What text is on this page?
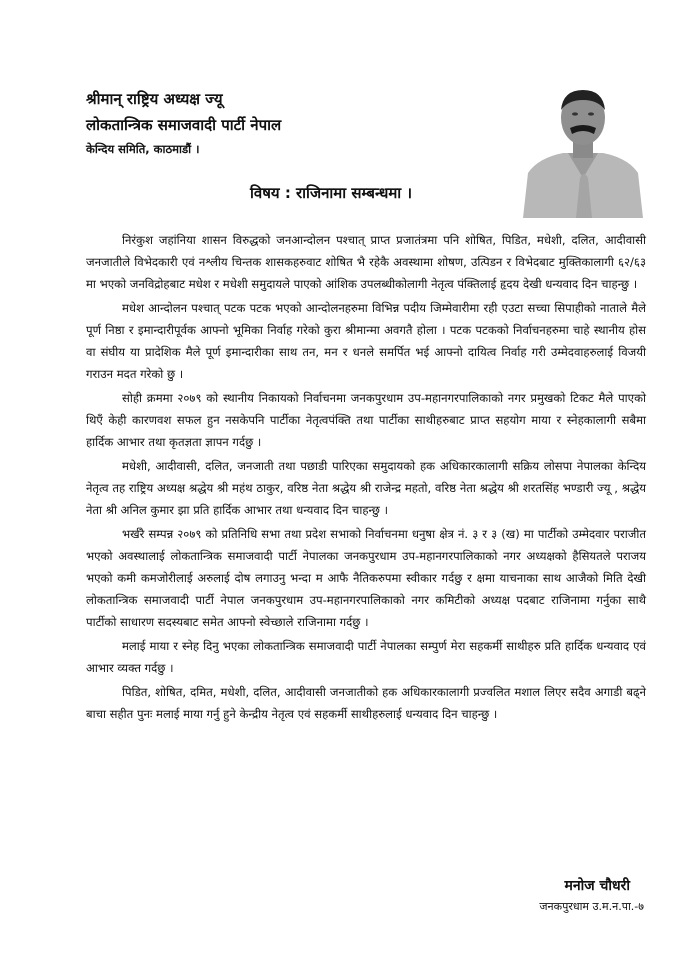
श्रीमान् राष्ट्रिय अध्यक्ष ज्यू
लोकतान्त्रिक समाजवादी पार्टी नेपाल
केन्दिय समिति, काठमाडौं ।
विषय : राजिनामा सम्बन्धमा ।

निरंकुश जहांनिया शासन विरुद्धको जनआन्दोलन पश्चात् प्राप्त प्रजातंत्रमा पनि शोषित, पिडित, मधेशी, दलित, आदीवासी जनजातीले विभेदकारी एवं नश्लीय चिन्तक शासकहरुवाट शोषित भै रहेकै अवस्थामा शोषण, उत्पिडन र विभेदबाट मुक्तिकालागी ६२/६३ मा भएको जनविद्रोहबाट मधेश र मधेशी समुदायले पाएको आंशिक उपलब्धीकोलागी नेतृत्व पंक्तिलाई हृदय देखी धन्यवाद दिन चाहन्छु ।

मधेश आन्दोलन पश्चात् पटक पटक भएको आन्दोलनहरुमा विभिन्न पदीय जिम्मेवारीमा रही एउटा सच्चा सिपाहीको नाताले मैले पूर्ण निष्ठा र इमान्दारीपूर्वक आफ्नो भूमिका निर्वाह गरेको कुरा श्रीमान्मा अवगतै होला । पटक पटकको निर्वाचनहरुमा चाहे स्थानीय होस वा संघीय या प्रादेशिक मैले पूर्ण इमान्दारीका साथ तन, मन र धनले समर्पित भई आफ्नो दायित्व निर्वाह गरी उम्मेदवाहरुलाई विजयी गराउन मदत गरेको छु ।

सोही क्रममा २०७९ को स्थानीय निकायको निर्वाचनमा जनकपुरधाम उप-महानगरपालिकाको नगर प्रमुखको टिकट मैले पाएको थिएँ केही कारणवश सफल हुन नसकेपनि पार्टीका नेतृत्वपंक्ति तथा पार्टीका साथीहरुबाट प्राप्त सहयोग माया र स्नेहकालागी सबैमा हार्दिक आभार तथा कृतज्ञता ज्ञापन गर्दछु ।

मधेशी, आदीवासी, दलित, जनजाती तथा पछाडी पारिएका समुदायको हक अधिकारकालागी सक्रिय लोसपा नेपालका केन्दिय नेतृत्व तह राष्ट्रिय अध्यक्ष श्रद्धेय श्री महंथ ठाकुर, वरिष्ठ नेता श्रद्धेय श्री राजेन्द्र महतो, वरिष्ठ नेता श्रद्धेय श्री शरतसिंह भण्डारी ज्यू , श्रद्धेय नेता श्री अनिल कुमार झा प्रति हार्दिक आभार तथा धन्यवाद दिन चाहन्छु ।

भर्खरै सम्पन्न २०७९ को प्रतिनिधि सभा तथा प्रदेश सभाको निर्वाचनमा धनुषा क्षेत्र नं. ३ र ३ (ख) मा पार्टीको उम्मेदवार पराजीत भएको अवस्थालाई लोकतान्त्रिक समाजवादी पार्टी नेपालका जनकपुरधाम उप-महानगरपालिकाको नगर अध्यक्षको हैसियतले पराजय भएको कमी कमजोरीलाई अरुलाई दोष लगाउनु भन्दा म आफै नैतिकरुपमा स्वीकार गर्दछु र क्षमा याचनाका साथ आजैको मिति देखी लोकतान्त्रिक समाजवादी पार्टी नेपाल जनकपुरधाम उप-महानगरपालिकाको नगर कमिटीको अध्यक्ष पदबाट राजिनामा गर्नुका साथै पार्टीको साधारण सदस्यबाट समेत आफ्नो स्वेच्छाले राजिनामा गर्दछु ।

मलाई माया र स्नेह दिनु भएका लोकतान्त्रिक समाजवादी पार्टी नेपालका सम्पुर्ण मेरा सहकर्मी साथीहरु प्रति हार्दिक धन्यवाद एवं आभार व्यक्त गर्दछु ।

पिडित, शोषित, दमित, मधेशी, दलित, आदीवासी जनजातीको हक अधिकारकालागी प्रज्वलित मशाल लिएर सदैव अगाडी बढ्ने बाचा सहीत पुनः मलाई माया गर्नु हुने केन्द्रीय नेतृत्व एवं सहकर्मी साथीहरुलाई धन्यवाद दिन चाहन्छु ।

मनोज चौधरी
जनकपुरधाम उ.म.न.पा.-७
